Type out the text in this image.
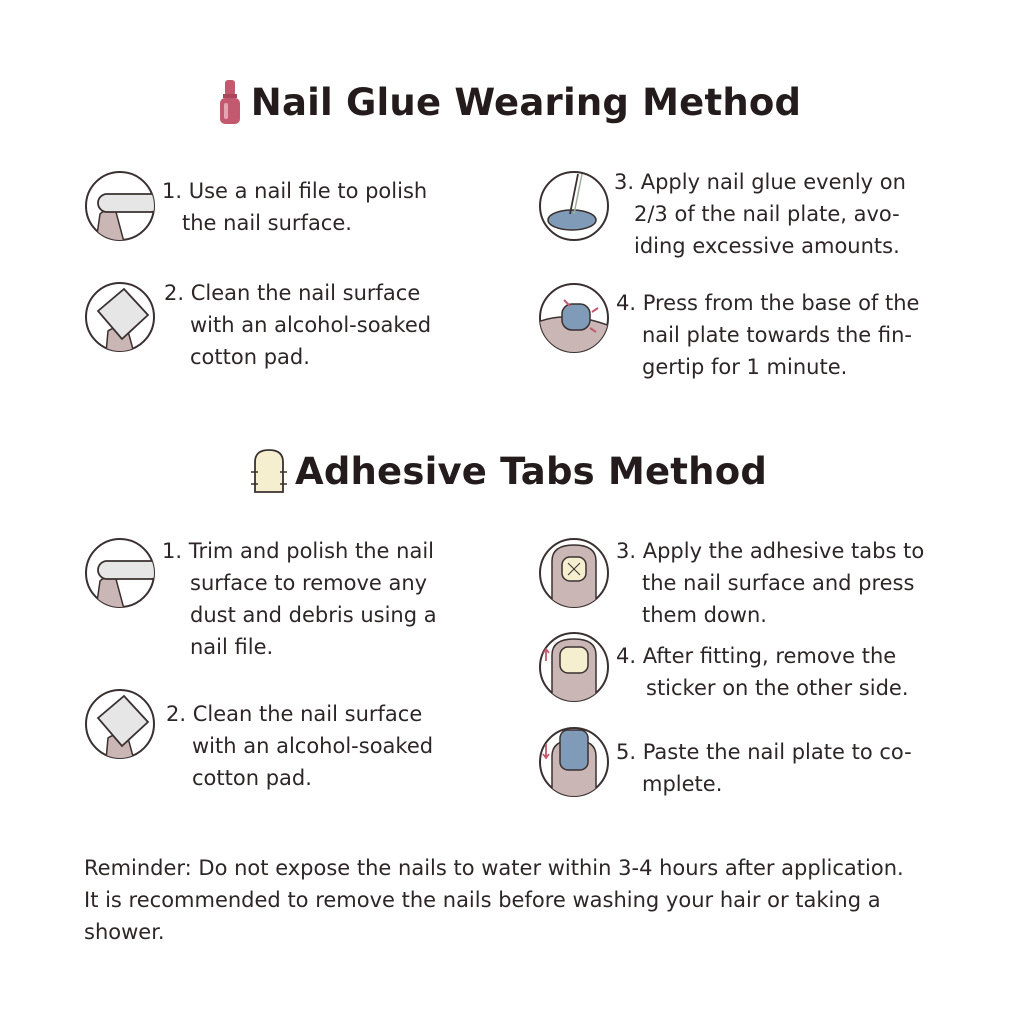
Nail Glue Wearing Method
1. Use a nail file to polish
the nail surface.
2. Clean the nail surface
with an alcohol-soaked
cotton pad.
3. Apply nail glue evenly on
2/3 of the nail plate, avo-
iding excessive amounts.
4. Press from the base of the
nail plate towards the fin-
gertip for 1 minute.
Adhesive Tabs Method
1. Trim and polish the nail
surface to remove any
dust and debris using a
nail file.
2. Clean the nail surface
with an alcohol-soaked
cotton pad.
3. Apply the adhesive tabs to
the nail surface and press
them down.
4. After fitting, remove the
sticker on the other side.
5. Paste the nail plate to co-
mplete.
Reminder: Do not expose the nails to water within 3-4 hours after application.
It is recommended to remove the nails before washing your hair or taking a
shower.
